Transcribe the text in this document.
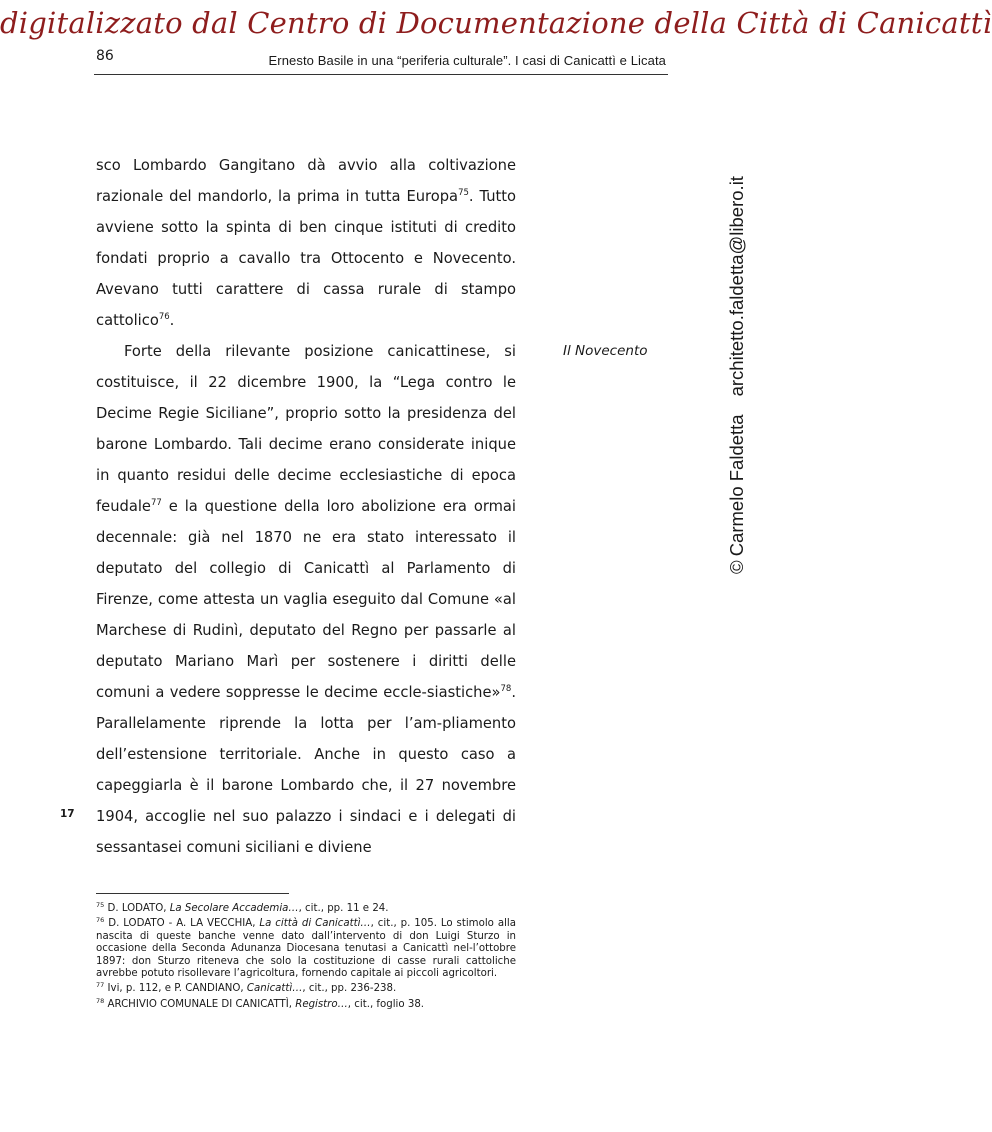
digitalizzato dal Centro di Documentazione della Città di Canicattì
86	Ernesto Basile in una “periferia culturale”. I casi di Canicattì e Licata

sco Lombardo Gangitano dà avvio alla coltivazione razionale del mandorlo, la prima in tutta Europa$^{75}$. Tutto avviene sotto la spinta di ben cinque istituti di credito fondati proprio a cavallo tra Ottocento e Novecento. Avevano tutti carattere di cassa rurale di stampo cattolico$^{76}$.

Forte della rilevante posizione canicattinese, si costituisce, il 22 dicembre 1900, la “Lega contro le Decime Regie Siciliane”, proprio sotto la presidenza del barone Lombardo. Tali decime erano considerate inique in quanto residui delle decime ecclesiastiche di epoca feudale$^{77}$ e la questione della loro abolizione era ormai decennale: già nel 1870 ne era stato interessato il deputato del collegio di Canicattì al Parlamento di Firenze, come attesta un vaglia eseguito dal Comune «al Marchese di Rudinì, deputato del Regno per passarle al deputato Mariano Marì per sostenere i diritti delle comuni a vedere soppresse le decime eccle-siastiche»$^{78}$. Parallelamente riprende la lotta per l’am-pliamento dell’estensione territoriale. Anche in questo caso a capeggiarla è il barone Lombardo che, il 27 novembre 1904, accoglie nel suo palazzo i sindaci e i delegati di sessantasei comuni siciliani e diviene

Il Novecento
17

$^{75}$ D. LODATO, La Secolare Accademia…, cit., pp. 11 e 24.

$^{76}$ D. LODATO - A. LA VECCHIA, La città di Canicattì…, cit., p. 105. Lo stimolo alla nascita di queste banche venne dato dall’intervento di don Luigi Sturzo in occasione della Seconda Adunanza Diocesana tenutasi a Canicattì nel-l’ottobre 1897: don Sturzo riteneva che solo la costituzione di casse rurali cattoliche avrebbe potuto risollevare l’agricoltura, fornendo capitale ai piccoli agricoltori.

$^{77}$ Ivi, p. 112, e P. CANDIANO, Canicattì…, cit., pp. 236-238.

$^{78}$ ARCHIVIO COMUNALE DI CANICATTÌ, Registro…, cit., foglio 38.

©Carmelo Faldettaarchitetto.faldetta@libero.it
